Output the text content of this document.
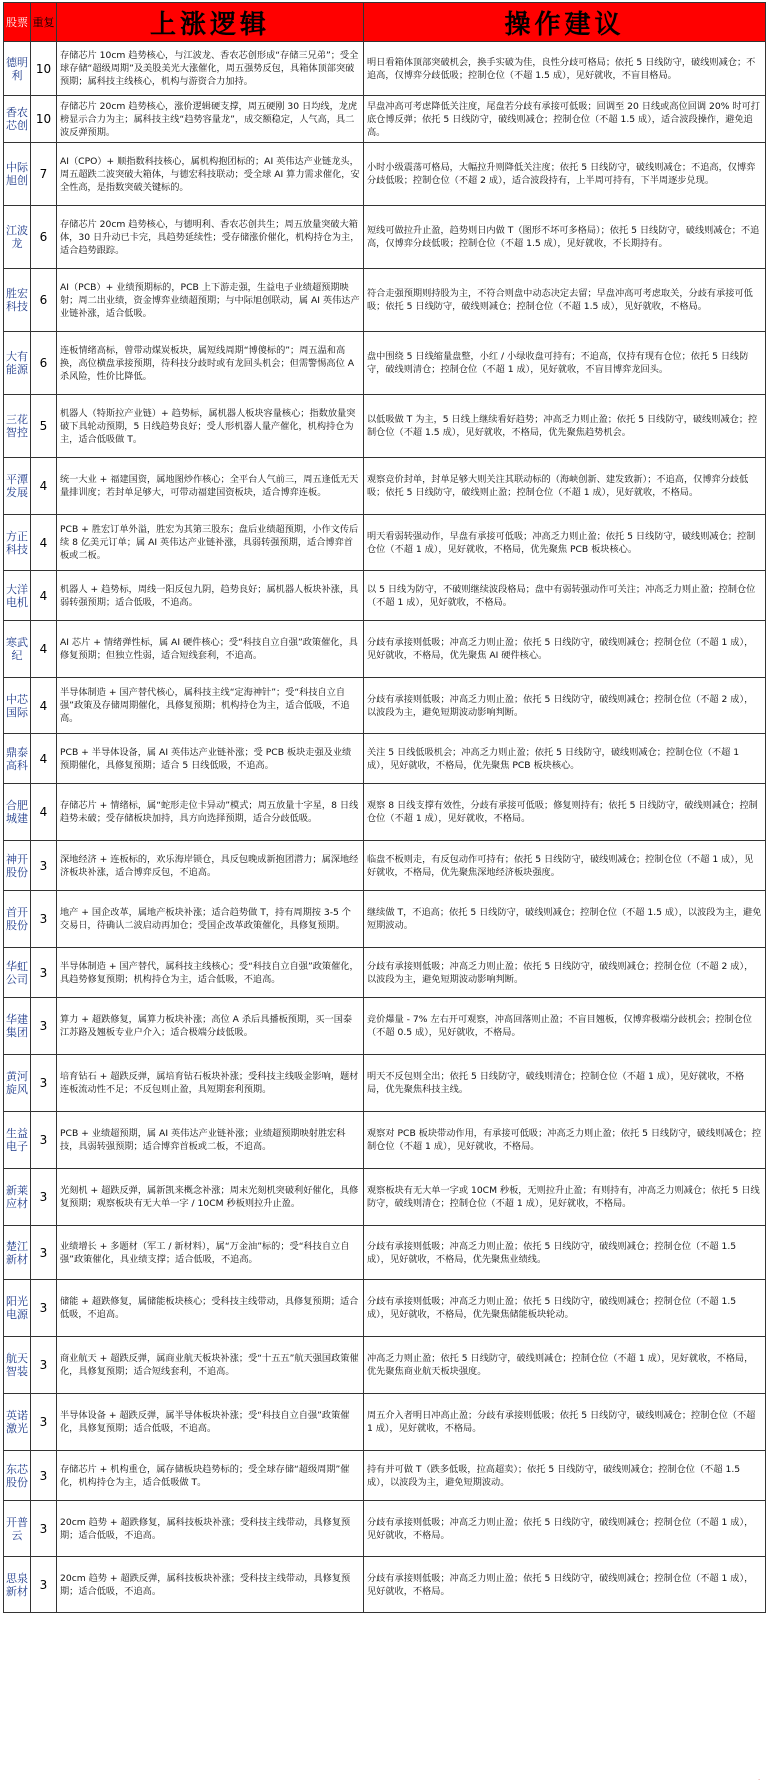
股票	重复	上涨逻辑	操作建议
德明利	10	存储芯片 10cm 趋势核心，与江波龙、香农芯创形成“存储三兄弟”；受全球存储“超级周期”及美股美光大涨催化，周五强势反包，具箱体顶部突破预期；属科技主线核心，机构与游资合力加持。	明日看箱体顶部突破机会，换手实破为佳，良性分歧可格局；依托 5 日线防守，破线则减仓；不追高，仅博弈分歧低吸；控制仓位（不超 1.5 成），见好就收，不盲目格局。
香农芯创	10	存储芯片 20cm 趋势核心，涨价逻辑硬支撑，周五硬刚 30 日均线，龙虎榜显示合力为主；属科技主线“趋势容量龙”，成交额稳定，人气高，具二波反弹预期。	早盘冲高可考虑降低关注度，尾盘若分歧有承接可低吸；回调至 20 日线或高位回调 20% 时可打底仓博反弹；依托 5 日线防守，破线则减仓；控制仓位（不超 1.5 成），适合波段操作，避免追高。
中际旭创	7	AI（CPO）+ 顺指数科技核心，属机构抱团标的；AI 英伟达产业链龙头，周五超跌二波突破大箱体，与德宏科技联动；受全球 AI 算力需求催化，安全性高，是指数突破关键标的。	小时小级震荡可格局，大幅拉升则降低关注度；依托 5 日线防守，破线则减仓；不追高，仅博弈分歧低吸；控制仓位（不超 2 成），适合波段持有，上半周可持有，下半周逐步兑现。
江波龙	6	存储芯片 20cm 趋势核心，与德明利、香农芯创共生；周五放量突破大箱体，30 日升动已卡完，具趋势延续性；受存储涨价催化，机构持仓为主，适合趋势跟踪。	短线可做拉升止盈，趋势则日内做 T（图形不坏可多格局）；依托 5 日线防守，破线则减仓；不追高，仅博弈分歧低吸；控制仓位（不超 1.5 成），见好就收，不长期持有。
胜宏科技	6	AI（PCB）+ 业绩预期标的，PCB 上下游走强，生益电子业绩超预期映射；周二出业绩，资金博弈业绩超预期；与中际旭创联动，属 AI 英伟达产业链补涨，适合低吸。	符合走强预期则持股为主，不符合则盘中动态决定去留；早盘冲高可考虑取关，分歧有承接可低吸；依托 5 日线防守，破线则减仓；控制仓位（不超 1.5 成），见好就收，不格局。
大有能源	6	连板情绪高标，曾带动煤炭板块，属短线周期“博傻标的”；周五温和高换，高位横盘承接预期，待科技分歧时或有龙回头机会；但需警惕高位 A 杀风险，性价比降低。	盘中围绕 5 日线缩量盘整，小红 / 小绿收盘可持有；不追高，仅持有现有仓位；依托 5 日线防守，破线则清仓；控制仓位（不超 1 成），见好就收，不盲目博弈龙回头。
三花智控	5	机器人（特斯拉产业链）+ 趋势标，属机器人板块容量核心；指数放量突破下具轮动预期，5 日线趋势良好；受人形机器人量产催化，机构持仓为主，适合低吸做 T。	以低吸做 T 为主，5 日线上继续看好趋势；冲高乏力则止盈；依托 5 日线防守，破线则减仓；控制仓位（不超 1.5 成），见好就收，不格局，优先聚焦趋势机会。
平潭发展	4	统一大业 + 福建国资，属地图炒作核心；全平台人气前三，周五逢低无天量排训度；若封单足够大，可带动福建国资板块，适合博弈连板。	观察竞价封单，封单足够大则关注其联动标的（海峡创新、建发致新）；不追高，仅博弈分歧低吸；依托 5 日线防守，破线则止盈；控制仓位（不超 1 成），见好就收，不格局。
方正科技	4	PCB + 胜宏订单外溢，胜宏为其第三股东；盘后业绩超预期，小作文传后续 8 亿美元订单；属 AI 英伟达产业链补涨，具弱转强预期，适合博弈首板或二板。	明天看弱转强动作，早盘有承接可低吸；冲高乏力则止盈；依托 5 日线防守，破线则减仓；控制仓位（不超 1 成），见好就收，不格局，优先聚焦 PCB 板块核心。
大洋电机	4	机器人 + 趋势标，周线一阳反包九阴，趋势良好；属机器人板块补涨，具弱转强预期；适合低吸，不追高。	以 5 日线为防守，不破则继续波段格局；盘中有弱转强动作可关注；冲高乏力则止盈；控制仓位（不超 1 成），见好就收，不格局。
寒武纪	4	AI 芯片 + 情绪弹性标，属 AI 硬件核心；受“科技自立自强”政策催化，具修复预期；但独立性弱，适合短线套利，不追高。	分歧有承接则低吸；冲高乏力则止盈；依托 5 日线防守，破线则减仓；控制仓位（不超 1 成），见好就收，不格局，优先聚焦 AI 硬件核心。
中芯国际	4	半导体制造 + 国产替代核心，属科技主线“定海神针”；受“科技自立自强”政策及存储周期催化，具修复预期；机构持仓为主，适合低吸，不追高。	分歧有承接则低吸；冲高乏力则止盈；依托 5 日线防守，破线则减仓；控制仓位（不超 2 成），以波段为主，避免短期波动影响判断。
鼎泰高科	4	PCB + 半导体设备，属 AI 英伟达产业链补涨；受 PCB 板块走强及业绩预期催化，具修复预期；适合 5 日线低吸，不追高。	关注 5 日线低吸机会；冲高乏力则止盈；依托 5 日线防守，破线则减仓；控制仓位（不超 1 成），见好就收，不格局，优先聚焦 PCB 板块核心。
合肥城建	4	存储芯片 + 情绪标，属“蛇形走位卡异动”模式；周五放量十字星，8 日线趋势未破；受存储板块加持，具方向选择预期，适合分歧低吸。	观察 8 日线支撑有效性，分歧有承接可低吸；修复则持有；依托 5 日线防守，破线则减仓；控制仓位（不超 1 成），见好就收，不格局。
神开股份	3	深地经济 + 连板标的，欢乐海岸锁仓，具反包晚成新抱团潜力；属深地经济板块补涨，适合博弈反包，不追高。	临盘不板则走，有反包动作可持有；依托 5 日线防守，破线则减仓；控制仓位（不超 1 成），见好就收，不格局，优先聚焦深地经济板块强度。
首开股份	3	地产 + 国企改革，属地产板块补涨；适合趋势做 T，持有周期按 3-5 个交易日，待确认二波启动再加仓；受国企改革政策催化，具修复预期。	继续做 T，不追高；依托 5 日线防守，破线则减仓；控制仓位（不超 1.5 成），以波段为主，避免短期波动。
华虹公司	3	半导体制造 + 国产替代，属科技主线核心；受“科技自立自强”政策催化，具趋势修复预期；机构持仓为主，适合低吸，不追高。	分歧有承接则低吸；冲高乏力则止盈；依托 5 日线防守，破线则减仓；控制仓位（不超 2 成），以波段为主，避免短期波动影响判断。
华建集团	3	算力 + 超跌修复，属算力板块补涨；高位 A 杀后具播板预期，买一国泰江苏路及翘板专业户介入；适合极端分歧低吸。	竞价爆量 - 7% 左右开可观察，冲高回落则止盈；不盲目翘板，仅博弈极端分歧机会；控制仓位（不超 0.5 成），见好就收，不格局。
黄河旋风	3	培育钻石 + 超跌反弹，属培育钻石板块补涨；受科技主线吸金影响，题材连板流动性不足；不反包则止盈，具短期套利预期。	明天不反包则全出；依托 5 日线防守，破线则清仓；控制仓位（不超 1 成），见好就收，不格局，优先聚焦科技主线。
生益电子	3	PCB + 业绩超预期，属 AI 英伟达产业链补涨；业绩超预期映射胜宏科技，具弱转强预期；适合博弈首板或二板，不追高。	观察对 PCB 板块带动作用，有承接可低吸；冲高乏力则止盈；依托 5 日线防守，破线则减仓；控制仓位（不超 1 成），见好就收，不格局。
新莱应材	3	光刻机 + 超跌反弹，属新凯来概念补涨；周末光刻机突破利好催化，具修复预期；观察板块有无大单一字 / 10CM 秒板则拉升止盈。	观察板块有无大单一字或 10CM 秒板，无则拉升止盈；有则持有，冲高乏力则减仓；依托 5 日线防守，破线则清仓；控制仓位（不超 1 成），见好就收，不格局。
楚江新材	3	业绩增长 + 多题材（军工 / 新材料），属“万金油”标的；受“科技自立自强”政策催化，具业绩支撑；适合低吸，不追高。	分歧有承接则低吸；冲高乏力则止盈；依托 5 日线防守，破线则减仓；控制仓位（不超 1.5 成），见好就收，不格局，优先聚焦业绩线。
阳光电源	3	储能 + 超跌修复，属储能板块核心；受科技主线带动，具修复预期；适合低吸，不追高。	分歧有承接则低吸；冲高乏力则止盈；依托 5 日线防守，破线则减仓；控制仓位（不超 1.5 成），见好就收，不格局，优先聚焦储能板块轮动。
航天智装	3	商业航天 + 超跌反弹，属商业航天板块补涨；受“十五五”航天强国政策催化，具修复预期；适合短线套利，不追高。	冲高乏力则止盈；依托 5 日线防守，破线则减仓；控制仓位（不超 1 成），见好就收，不格局，优先聚焦商业航天板块强度。
英诺激光	3	半导体设备 + 超跌反弹，属半导体板块补涨；受“科技自立自强”政策催化，具修复预期；适合低吸，不追高。	周五介入者明日冲高止盈；分歧有承接则低吸；依托 5 日线防守，破线则减仓；控制仓位（不超 1 成），见好就收，不格局。
东芯股份	3	存储芯片 + 机构重仓，属存储板块趋势标的；受全球存储“超级周期”催化，机构持仓为主，适合低吸做 T。	持有并可做 T（跌多低吸，拉高超卖）；依托 5 日线防守，破线则减仓；控制仓位（不超 1.5 成），以波段为主，避免短期波动。
开普云	3	20cm 趋势 + 超跌修复，属科技板块补涨；受科技主线带动，具修复预期；适合低吸，不追高。	分歧有承接则低吸；冲高乏力则止盈；依托 5 日线防守，破线则减仓；控制仓位（不超 1 成），见好就收，不格局。
思泉新材	3	20cm 趋势 + 超跌反弹，属科技板块补涨；受科技主线带动，具修复预期；适合低吸，不追高。	分歧有承接则低吸；冲高乏力则止盈；依托 5 日线防守，破线则减仓；控制仓位（不超 1 成），见好就收，不格局。
·
